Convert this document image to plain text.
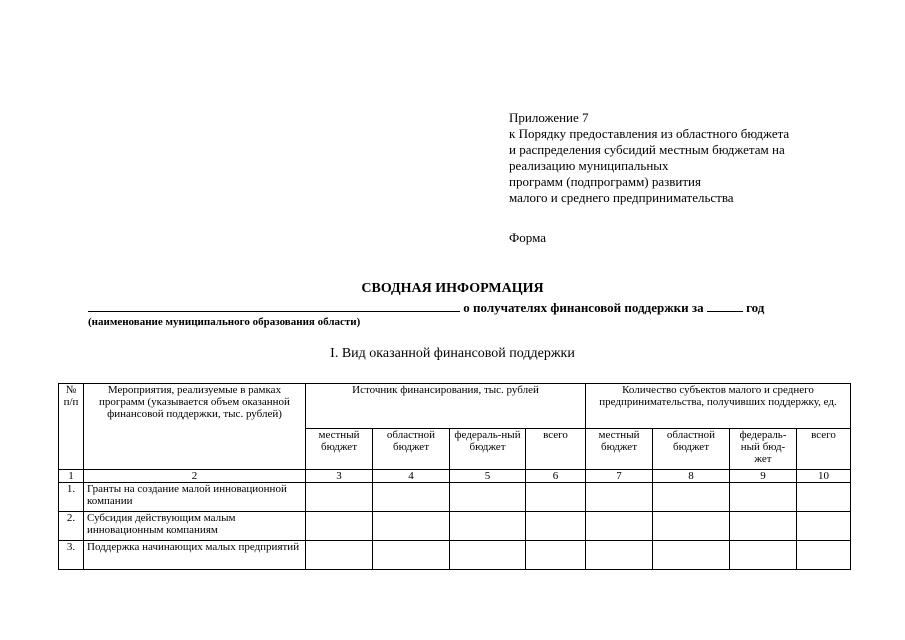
Приложение 7
к Порядку предоставления из областного бюджета
и распределения субсидий местным бюджетам на
реализацию муниципальных
программ (подпрограмм) развития
малого и среднего предпринимательства
Форма
СВОДНАЯ ИНФОРМАЦИЯ
о получателях финансовой поддержки за	год
(наименование муниципального образования области)
I. Вид оказанной финансовой поддержки
№ п/п	Мероприятия, реализуемые в рамках программ (указывается объем оказанной финансовой поддержки, тыс. рублей)	Источник финансирования, тыс. рублей				Количество субъектов малого и среднего предпринимательства, получивших поддержку, ед.			
		местный бюджет	областной бюджет	федераль-ный бюджет	всего	местный бюджет	областной бюджет	федераль-ный бюд-жет	всего
1	2	3	4	5	6	7	8	9	10
1.	Гранты на создание малой инновационной компании								
2.	Субсидия действующим малым инновационным компаниям								
3.	Поддержка начинающих малых предприятий								
